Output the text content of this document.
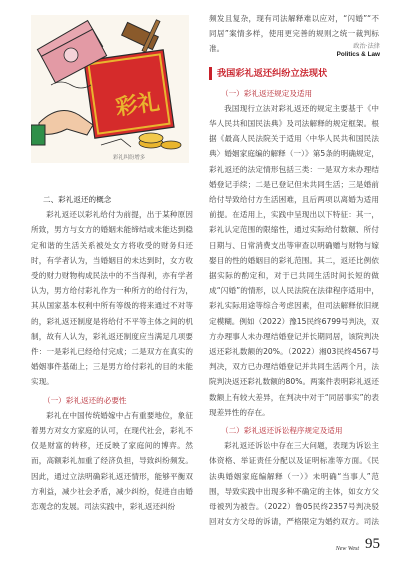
政治·法律
Politics & Law
彩礼
彩礼纠纷增多

二、彩礼返还的概念

彩礼返还以彩礼给付为前提，出于某种原因所致，男方与女方的婚姻未能缔结或未能达到稳定和谐的生活关系被处女方将收受的财务归还时，有学者认为，当婚姻目的未达到时，女方收受的财力财物构成民法中的不当得利，亦有学者认为，男方给付彩礼作为一种所方的给付行为，其从国家基本权利中所有等级的将来通过不对等的，彩礼返还制度是将给付不平等主体之间的机制，故有人认为，彩礼返还制度应当满足几项要件：一是彩礼已经给付完成；二是双方在真实的婚姻事件基础上；三是男方给付彩礼的目的未能实现。

（一）彩礼返还的必要性

彩礼在中国传统婚嫁中占有重要地位，象征着男方对女方家庭的认可，在现代社会，彩礼不仅是财富的转移，还反映了家庭间的博弈。然而，高额彩礼加重了经济负担，导致纠纷频发。因此，通过立法明确彩礼返还情形，能够平衡双方利益，减少社会矛盾，减少纠纷，促进自由婚恋观念的发展。司法实践中，彩礼返还纠纷

频发且复杂，现有司法解释难以应对，“闪婚”“不同居”案情多样，使用更完善的规则之统一裁判标准。

我国彩礼返还纠纷立法现状

（一）彩礼返还规定及适用

我国现行立法对彩礼返还的规定主要基于《中华人民共和国民法典》及司法解释的规定框架。根据《最高人民法院关于适用〈中华人民共和国民法典〉婚姻家庭编的解释（一）》第5条的明确规定，彩礼返还的法定情形包括三类：一是双方未办理结婚登记手续；二是已登记但未共同生活；三是婚前给付导致给付方生活困难，且后两项以离婚为适用前提。在适用上，实践中呈现出以下特征：其一，彩礼认定范围的限缩性，通过实际给付数额、所付日期与、日常消费支出等审查以明确赠与财物与嫁娶目的性的婚姻目的彩礼范围。其二，返还比例依据实际的酌定和，对于已共同生活时间长短的做成“闪婚”的情形，以人民法院在法律程序适用中，彩礼实际用途等综合考虑因素，但司法解释依旧规定模糊。例如（2022）豫15民终6799号判决，双方办理事人未办理结婚登记并长期同居，该院判决返还彩礼数额的20%。（2022）湘03民终4567号判决，双方已办理结婚登记并共同生活两个月，法院判决返还彩礼数额的80%。两案件表明彩礼返还数额上有较大差异，在判决中对于“同居事实”的表现差异性的存在。

（二）彩礼返还诉讼程序规定及适用

彩礼返还诉讼中存在三大问题，表现为诉讼主体资格、举证责任分配以及证明标准等方面。《民法典婚姻家庭编解释（一）》未明确“当事人”范围，导致实践中出现多种不确定的主体，如女方父母被列为被告。（2022）鲁05民终2357号判决驳回对女方父母的诉请，严格限定为婚约双方。司法

New West 95
